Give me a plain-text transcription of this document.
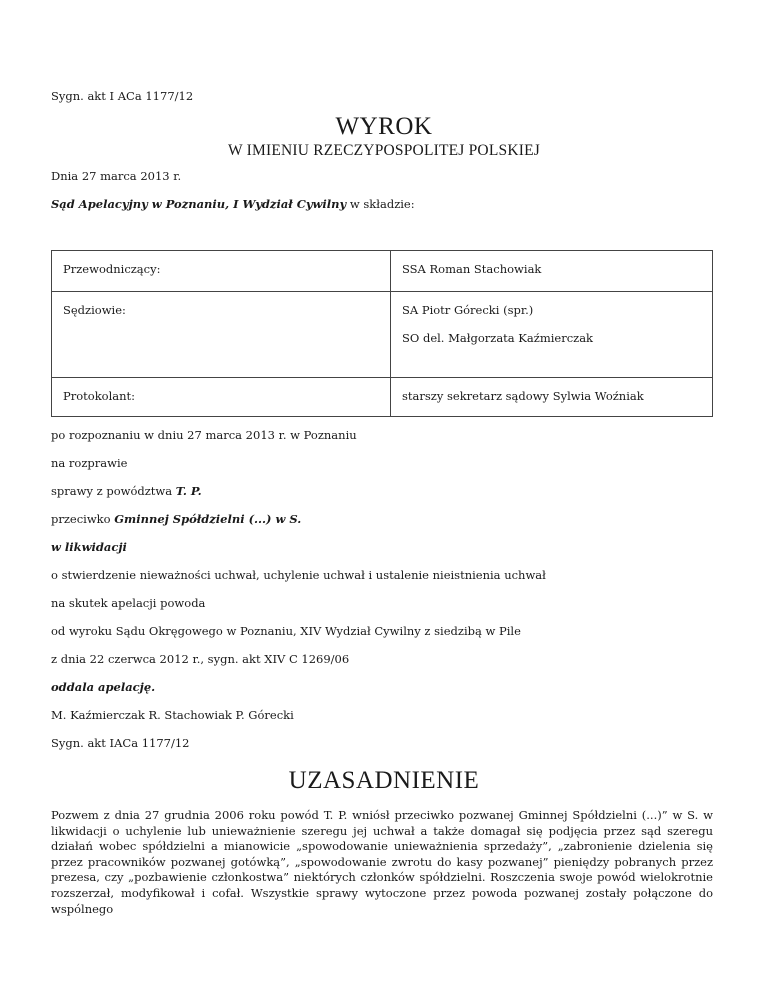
Sygn. akt I ACa 1177/12
WYROK
W IMIENIU RZECZYPOSPOLITEJ POLSKIEJ
Dnia 27 marca 2013 r.
Sąd Apelacyjny w Poznaniu, I Wydział Cywilny w składzie:
Przewodniczący:	SSA Roman Stachowiak

Sędziowie:	SA Piotr Górecki (spr.)
SO del. Małgorzata Kaźmierczak

Protokolant:	starszy sekretarz sądowy Sylwia Woźniak
po rozpoznaniu w dniu 27 marca 2013 r. w Poznaniu
na rozprawie
sprawy z powództwa T. P.
przeciwko Gminnej Spółdzielni (...) w S.
w likwidacji
o stwierdzenie nieważności uchwał, uchylenie uchwał i ustalenie nieistnienia uchwał
na skutek apelacji powoda
od wyroku Sądu Okręgowego w Poznaniu, XIV Wydział Cywilny z siedzibą w Pile
z dnia 22 czerwca 2012 r., sygn. akt XIV C 1269/06
oddala apelację.
M. Kaźmierczak R. Stachowiak P. Górecki
Sygn. akt IACa 1177/12
UZASADNIENIE
Pozwem z dnia 27 grudnia 2006 roku powód T. P. wniósł przeciwko pozwanej Gminnej Spółdzielni (...)” w S. w likwidacji o uchylenie lub unieważnienie szeregu jej uchwał a także domagał się podjęcia przez sąd szeregu działań wobec spółdzielni a mianowicie „spowodowanie unieważnienia sprzedaży”, „zabronienie dzielenia się przez pracowników pozwanej gotówką”, „spowodowanie zwrotu do kasy pozwanej” pieniędzy pobranych przez prezesa, czy „pozbawienie członkostwa” niektórych członków spółdzielni. Roszczenia swoje powód wielokrotnie rozszerzał, modyfikował i cofał. Wszystkie sprawy wytoczone przez powoda pozwanej zostały połączone do wspólnego
